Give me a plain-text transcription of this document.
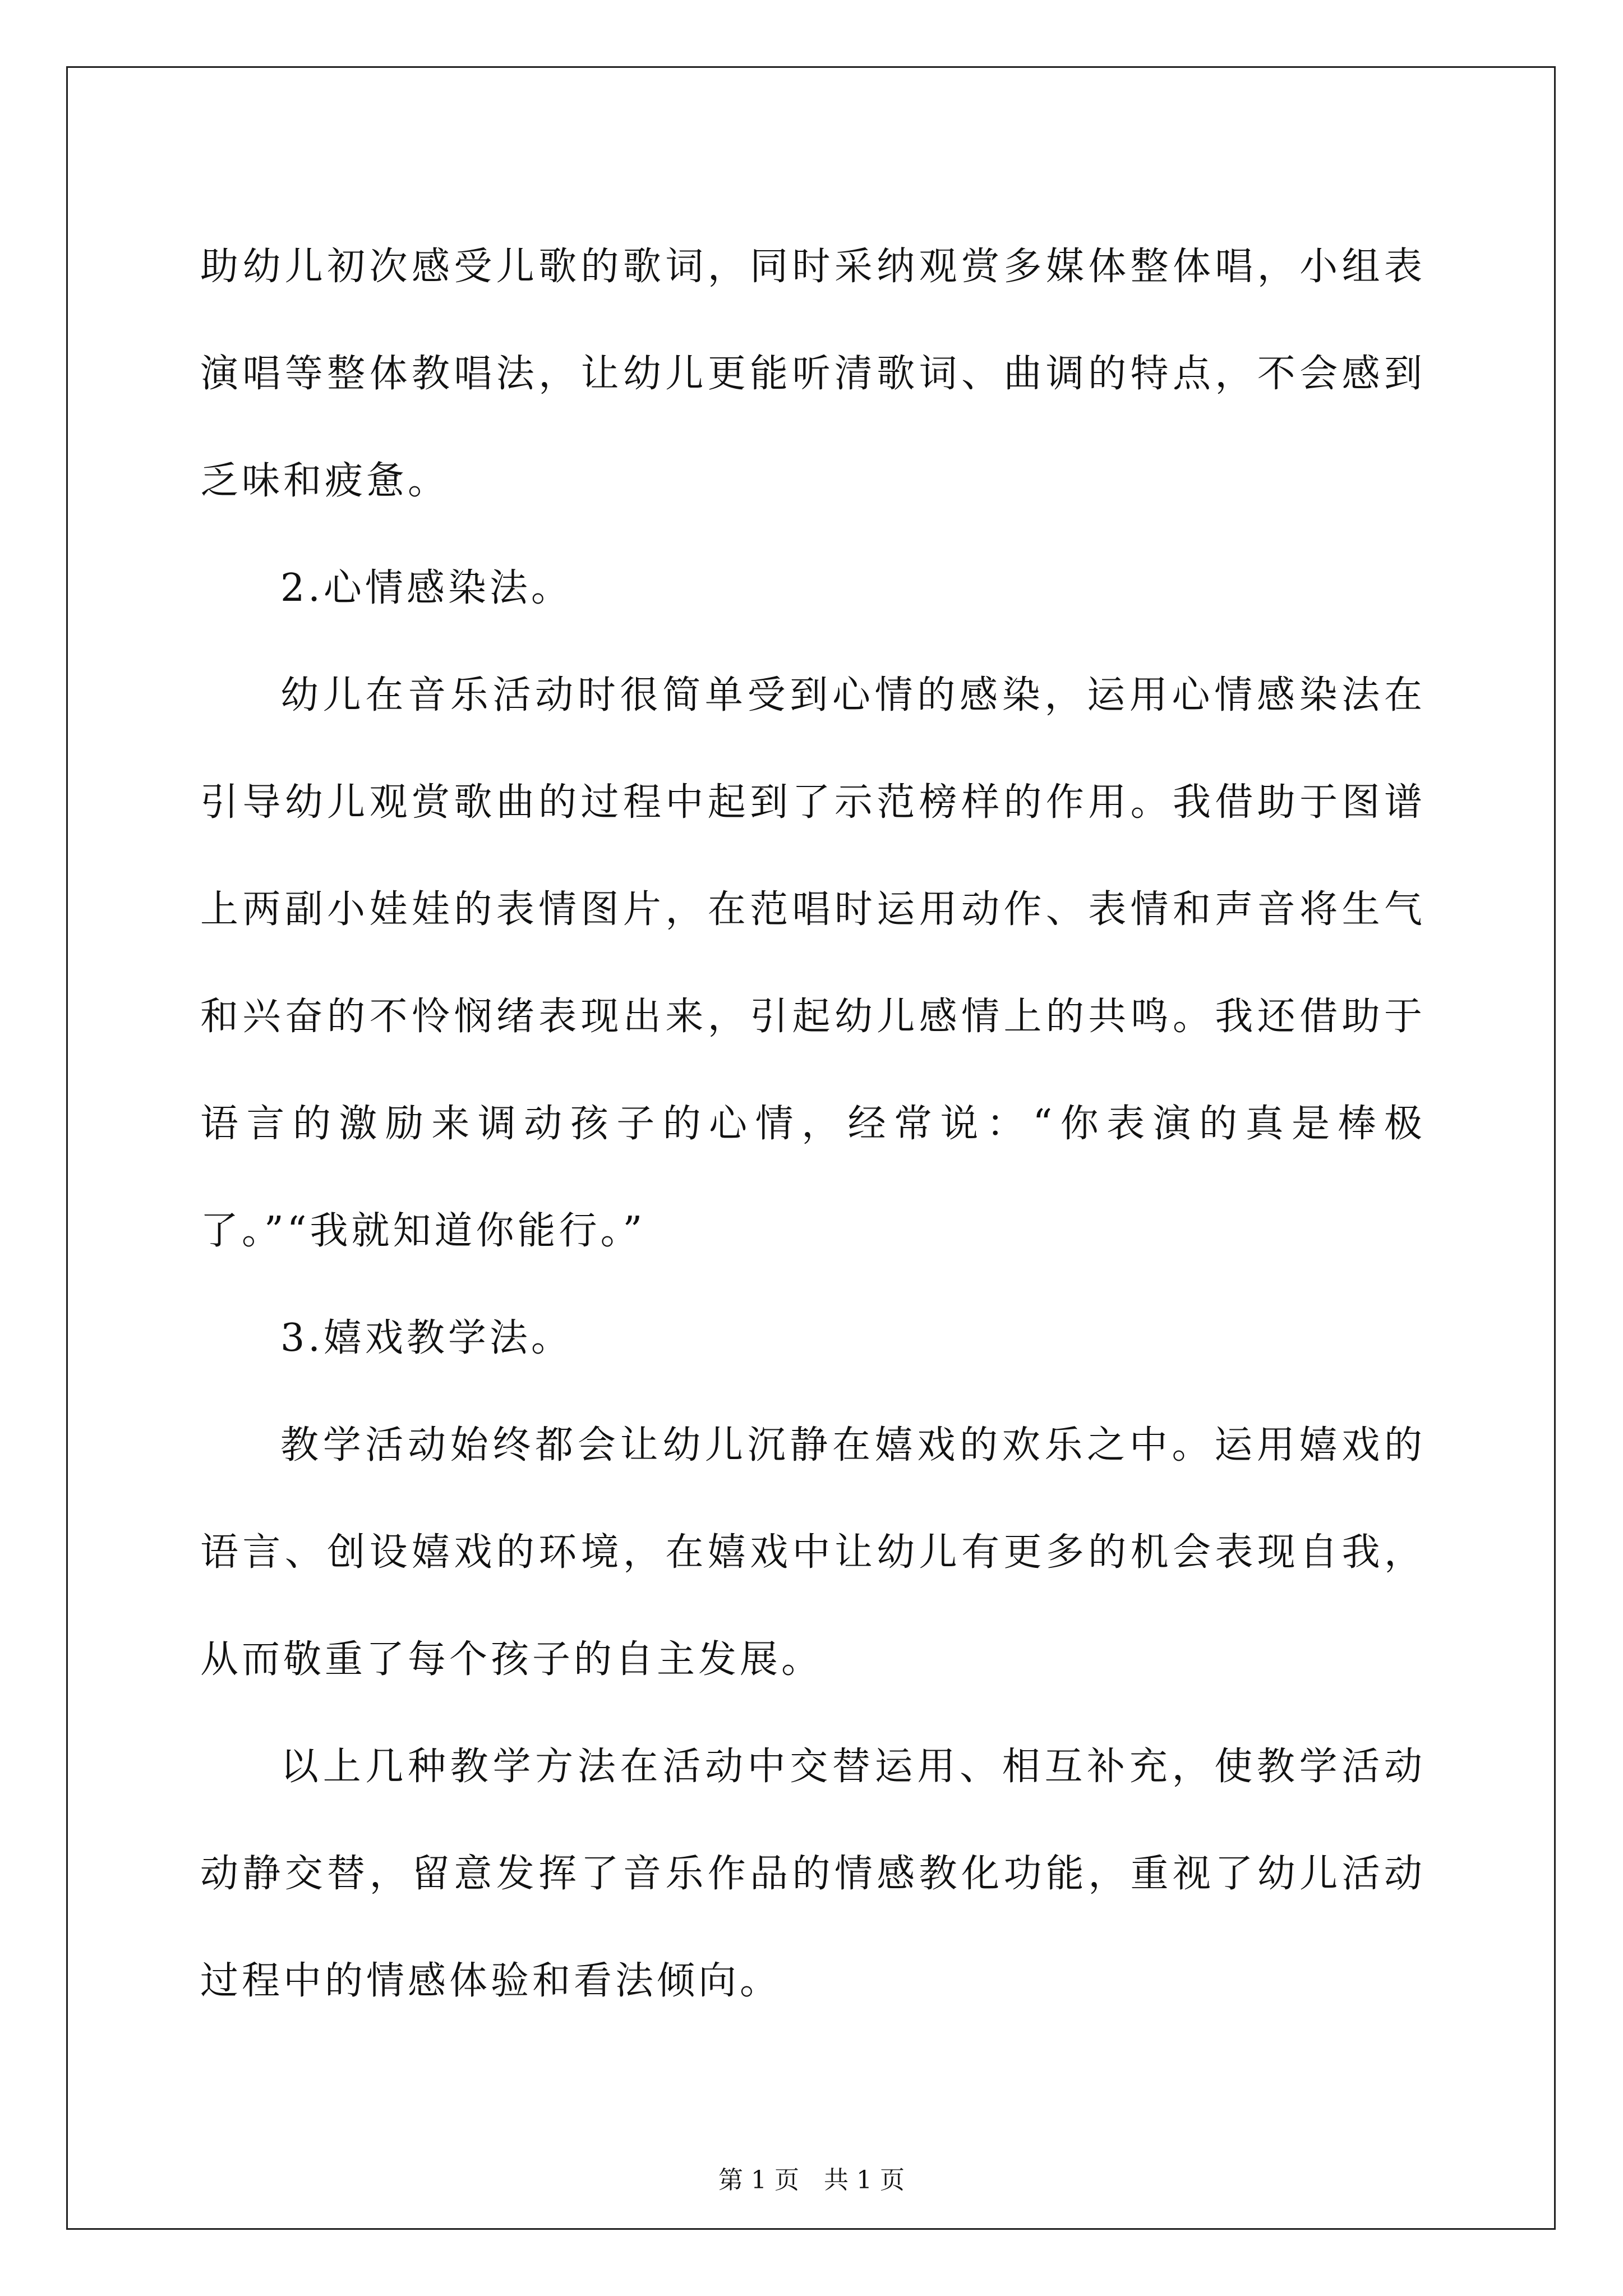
助幼儿初次感受儿歌的歌词，同时采纳观赏多媒体整体唱，小组表演唱等整体教唱法，让幼儿更能听清歌词、曲调的特点，不会感到乏味和疲惫。

2.心情感染法。

幼儿在音乐活动时很简单受到心情的感染，运用心情感染法在引导幼儿观赏歌曲的过程中起到了示范榜样的作用。我借助于图谱上两副小娃娃的表情图片，在范唱时运用动作、表情和声音将生气和兴奋的不怜悯绪表现出来，引起幼儿感情上的共鸣。我还借助于语言的激励来调动孩子的心情，经常说：“你表演的真是棒极了。”“我就知道你能行。”

3.嬉戏教学法。

教学活动始终都会让幼儿沉静在嬉戏的欢乐之中。运用嬉戏的语言、创设嬉戏的环境，在嬉戏中让幼儿有更多的机会表现自我，从而敬重了每个孩子的自主发展。

以上几种教学方法在活动中交替运用、相互补充，使教学活动动静交替，留意发挥了音乐作品的情感教化功能，重视了幼儿活动过程中的情感体验和看法倾向。

第 1 页　共 1 页
